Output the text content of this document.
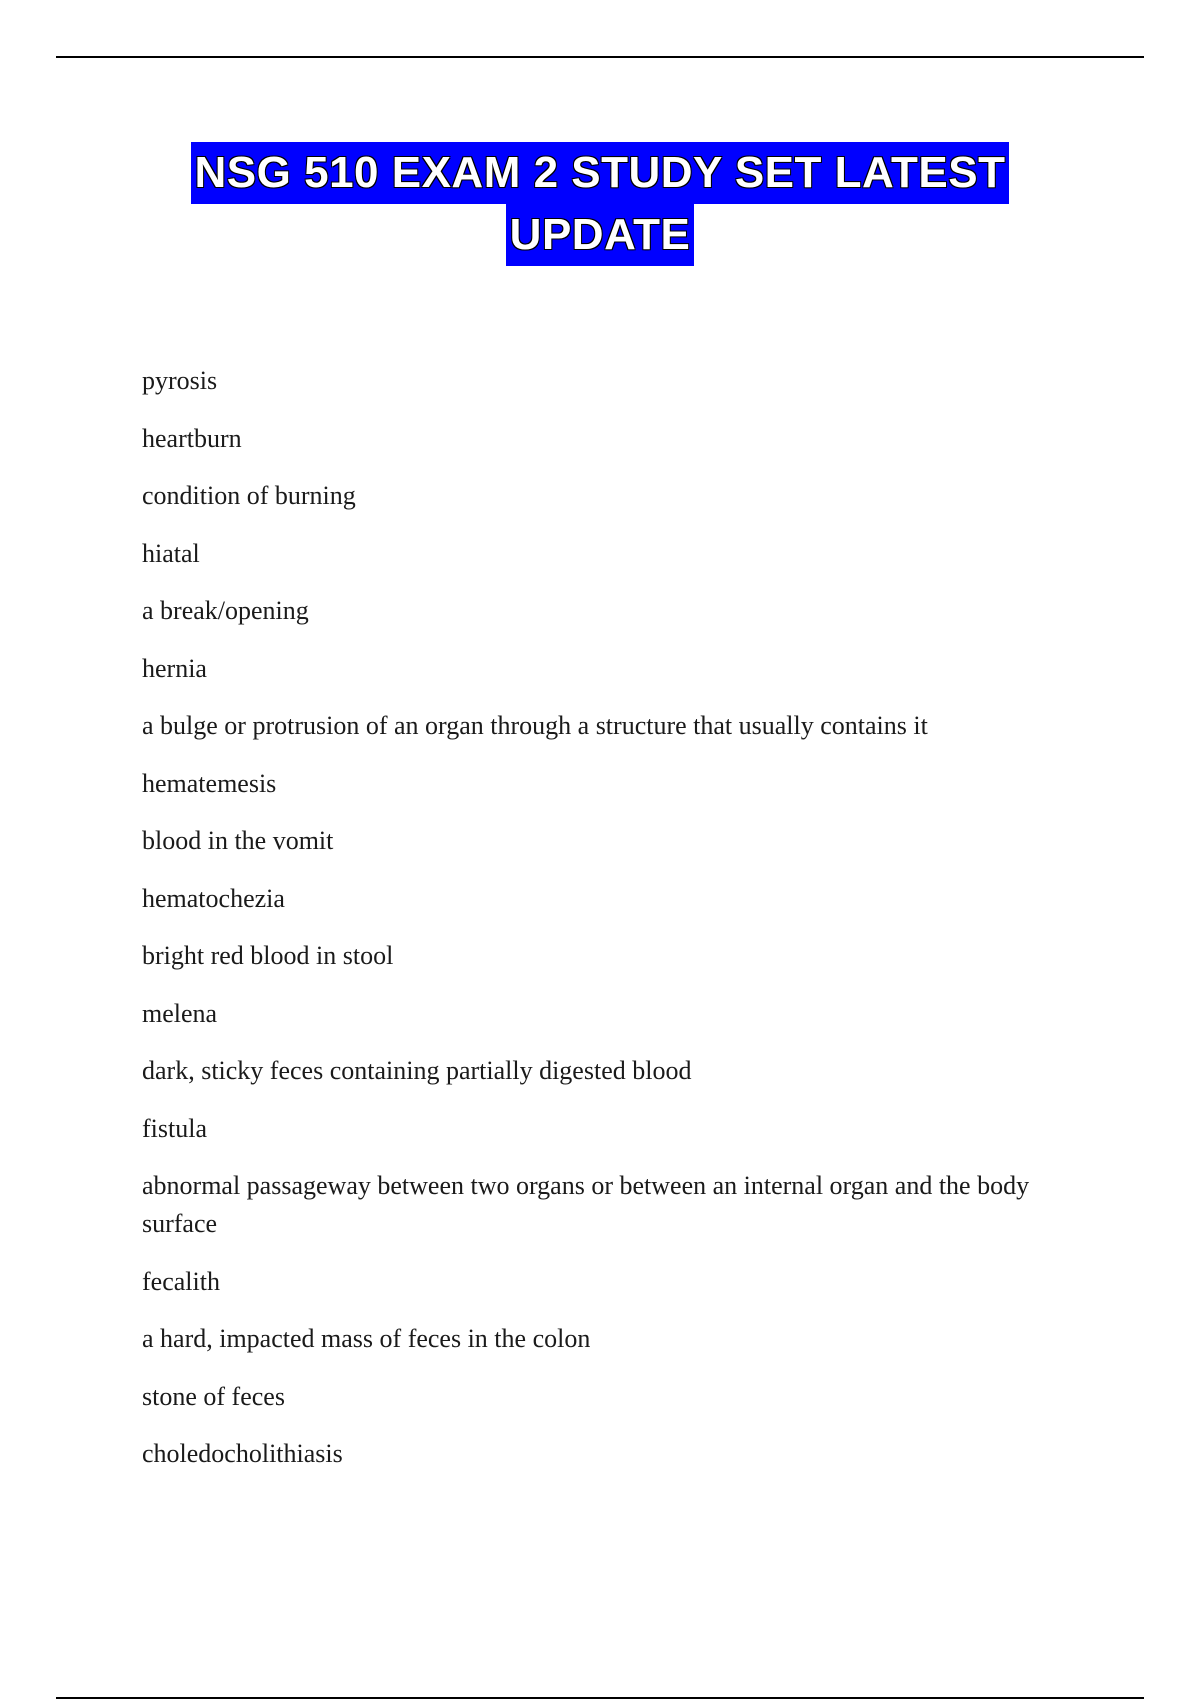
NSG 510 EXAM 2 STUDY SET LATEST
UPDATE
pyrosis
heartburn
condition of burning
hiatal
a break/opening
hernia
a bulge or protrusion of an organ through a structure that usually contains it
hematemesis
blood in the vomit
hematochezia
bright red blood in stool
melena
dark, sticky feces containing partially digested blood
fistula
abnormal passageway between two organs or between an internal organ and the body surface
fecalith
a hard, impacted mass of feces in the colon
stone of feces
choledocholithiasis
